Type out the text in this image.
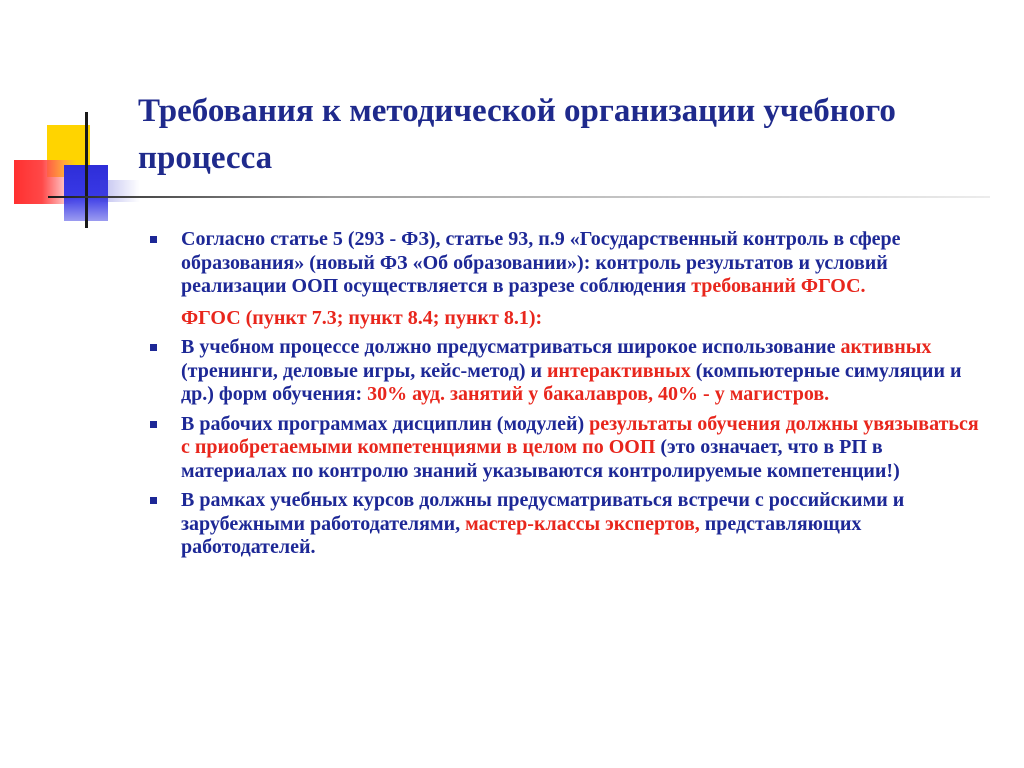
Требования к методической организации учебного процесса
Согласно статье 5 (293 - ФЗ), статье 93, п.9 «Государственный контроль в сфере образования» (новый ФЗ «Об образовании»): контроль результатов и условий реализации ООП осуществляется в разрезе соблюдения требований ФГОС.
ФГОС (пункт 7.3; пункт 8.4; пункт 8.1):
В учебном процессе должно предусматриваться широкое использование активных (тренинги, деловые игры, кейс-метод) и интерактивных (компьютерные симуляции и др.) форм обучения: 30% ауд. занятий у бакалавров, 40% - у магистров.
В рабочих программах дисциплин (модулей) результаты обучения должны увязываться с приобретаемыми компетенциями в целом по ООП (это означает, что в РП в материалах по контролю знаний указываются контролируемые компетенции!)
В рамках учебных курсов должны предусматриваться встречи с российскими и зарубежными работодателями, мастер-классы экспертов, представляющих работодателей.
